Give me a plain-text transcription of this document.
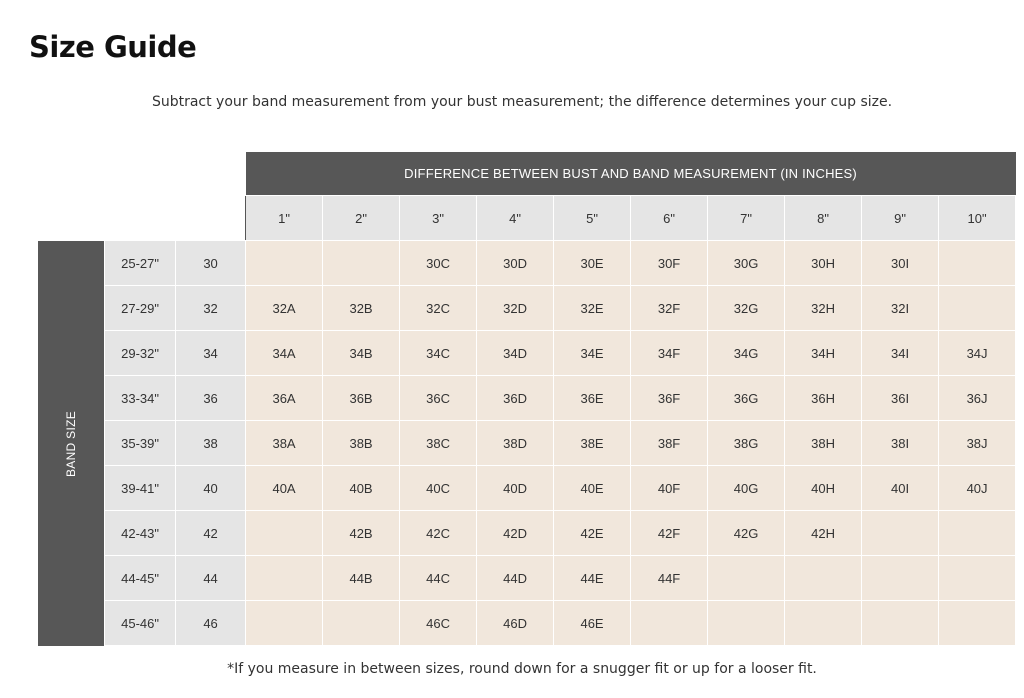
Size Guide
Subtract your band measurement from your bust measurement; the difference determines your cup size.
			DIFFERENCE BETWEEN BUST AND BAND MEASUREMENT (IN INCHES)									
			1"	2"	3"	4"	5"	6"	7"	8"	9"	10"
BAND SIZE	25-27"	30			30C	30D	30E	30F	30G	30H	30I	
	27-29"	32	32A	32B	32C	32D	32E	32F	32G	32H	32I	
	29-32"	34	34A	34B	34C	34D	34E	34F	34G	34H	34I	34J
	33-34"	36	36A	36B	36C	36D	36E	36F	36G	36H	36I	36J
	35-39"	38	38A	38B	38C	38D	38E	38F	38G	38H	38I	38J
	39-41"	40	40A	40B	40C	40D	40E	40F	40G	40H	40I	40J
	42-43"	42		42B	42C	42D	42E	42F	42G	42H		
	44-45"	44		44B	44C	44D	44E	44F				
	45-46"	46			46C	46D	46E					
*If you measure in between sizes, round down for a snugger fit or up for a looser fit.
